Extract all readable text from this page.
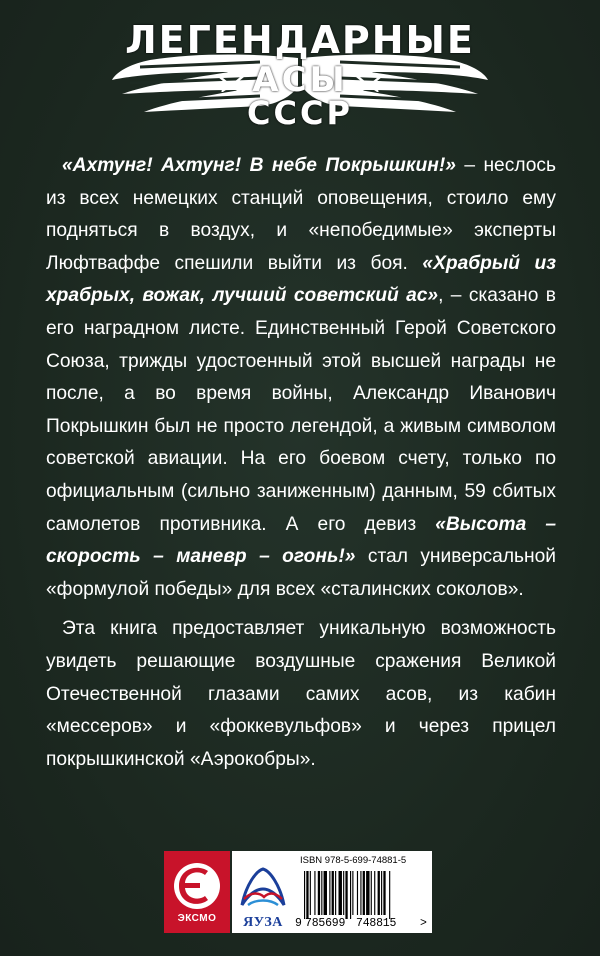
ЛЕГЕНДАРНЫЕ
АСЫ
СССР

«Ахтунг! Ахтунг! В небе Покрышкин!» – неслось из всех немецких станций оповещения, стоило ему подняться в воздух, и «непобедимые» эксперты Люфтваффе спешили выйти из боя. «Храбрый из храбрых, вожак, лучший советский ас», – сказано в его наградном листе. Единственный Герой Советского Союза, трижды удостоенный этой высшей награды не после, а во время войны, Александр Иванович Покрышкин был не просто легендой, а живым символом советской авиации. На его боевом счету, только по официальным (сильно заниженным) данным, 59 сбитых самолетов противника. А его девиз «Высота – скорость – маневр – огонь!» стал универсальной «формулой победы» для всех «сталинских соколов».

Эта книга предоставляет уникальную возможность увидеть решающие воздушные сражения Великой Отечественной глазами самих асов, из кабин «мессеров» и «фоккевульфов» и через прицел покрышкинской «Аэрокобры».

ЭКСМО	ЯУЗА
ISBN 978-5-699-74881-5
9 785699 748815 >
